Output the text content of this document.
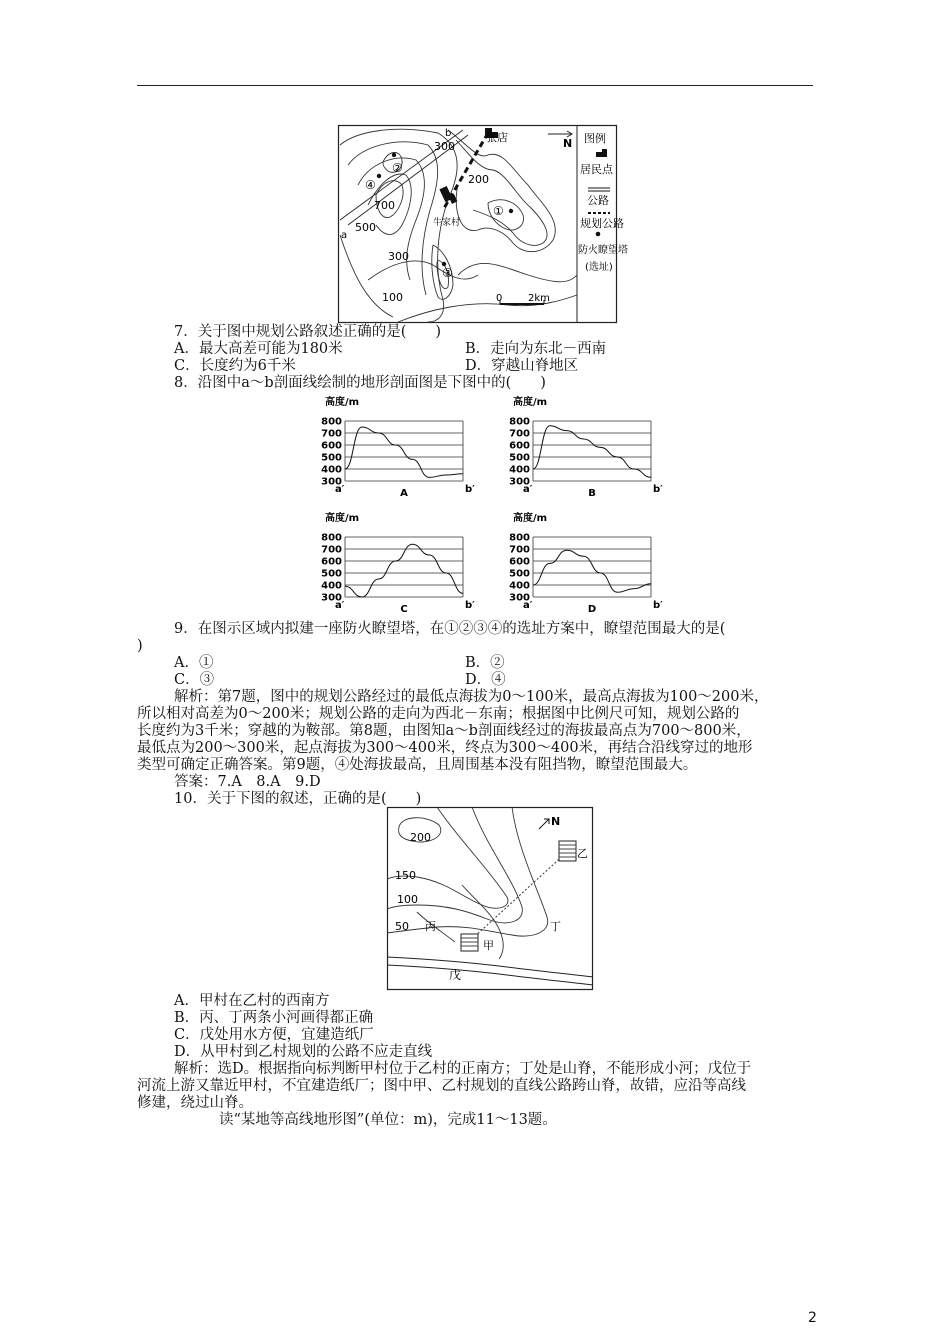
张店	N
牛家村
a
b
300
200
700
500
300
100
①
②
③
④
0	2km
图例
居民点
公路
规划公路
防火瞭望塔
(选址)
7．关于图中规划公路叙述正确的是(　　)
A．最大高差可能为180米	B．走向为东北－西南
C．长度约为6千米	D．穿越山脊地区
8．沿图中a～b剖面线绘制的地形剖面图是下图中的(　　)
高度/m
800
700
600
500
400
300
a′	b′
A
高度/m
800
700
600
500
400
300
a′	b′
B
高度/m
800
700
600
500
400
300
a′	b′
C
高度/m
800
700
600
500
400
300
a′	b′
D
9．在图示区域内拟建一座防火瞭望塔，在①②③④的选址方案中，瞭望范围最大的是(
)
A．①	B．②
C．③	D．④
解析：第7题，图中的规划公路经过的最低点海拔为0～100米，最高点海拔为100～200米，
所以相对高差为0～200米；规划公路的走向为西北－东南；根据图中比例尺可知，规划公路的
长度约为3千米；穿越的为鞍部。第8题，由图知a～b剖面线经过的海拔最高点为700～800米，
最低点为200～300米，起点海拔为300～400米，终点为300～400米，再结合沿线穿过的地形
类型可确定正确答案。第9题，④处海拔最高，且周围基本没有阻挡物，瞭望范围最大。
答案：7.A　8.A　9.D
10．关于下图的叙述，正确的是(　　)
200
150
100
50
N
甲
乙
丙	丁
戊
A．甲村在乙村的西南方
B．丙、丁两条小河画得都正确
C．戊处用水方便，宜建造纸厂
D．从甲村到乙村规划的公路不应走直线
解析：选D。根据指向标判断甲村位于乙村的正南方；丁处是山脊，不能形成小河；戊位于
河流上游又靠近甲村，不宜建造纸厂；图中甲、乙村规划的直线公路跨山脊，故错，应沿等高线
修建，绕过山脊。
读“某地等高线地形图”(单位：m)，完成11～13题。
2
